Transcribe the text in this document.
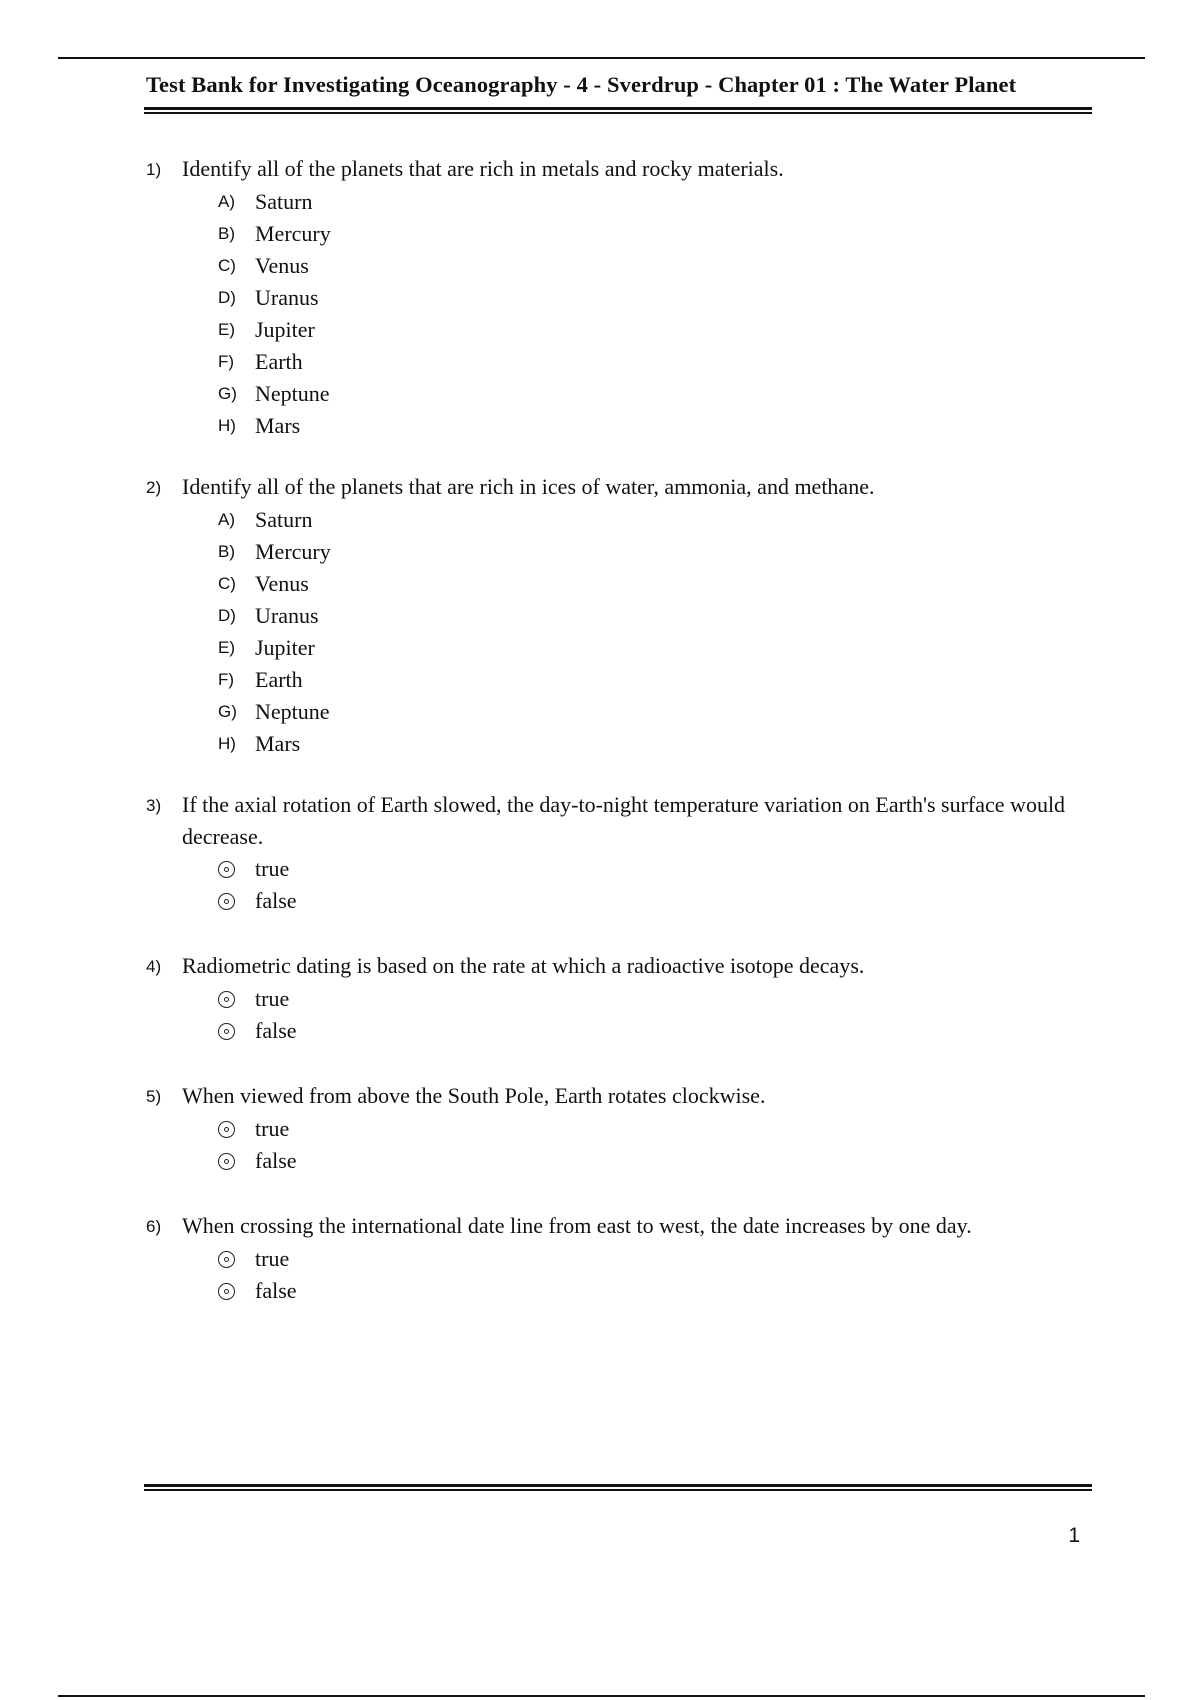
Test Bank for Investigating Oceanography - 4 - Sverdrup - Chapter 01 : The Water Planet
1) Identify all of the planets that are rich in metals and rocky materials.
A) Saturn
B) Mercury
C) Venus
D) Uranus
E) Jupiter
F) Earth
G) Neptune
H) Mars
2) Identify all of the planets that are rich in ices of water, ammonia, and methane.
A) Saturn
B) Mercury
C) Venus
D) Uranus
E) Jupiter
F) Earth
G) Neptune
H) Mars
3) If the axial rotation of Earth slowed, the day-to-night temperature variation on Earth's surface would decrease.
true
false
4) Radiometric dating is based on the rate at which a radioactive isotope decays.
true
false
5) When viewed from above the South Pole, Earth rotates clockwise.
true
false
6) When crossing the international date line from east to west, the date increases by one day.
true
false
1
